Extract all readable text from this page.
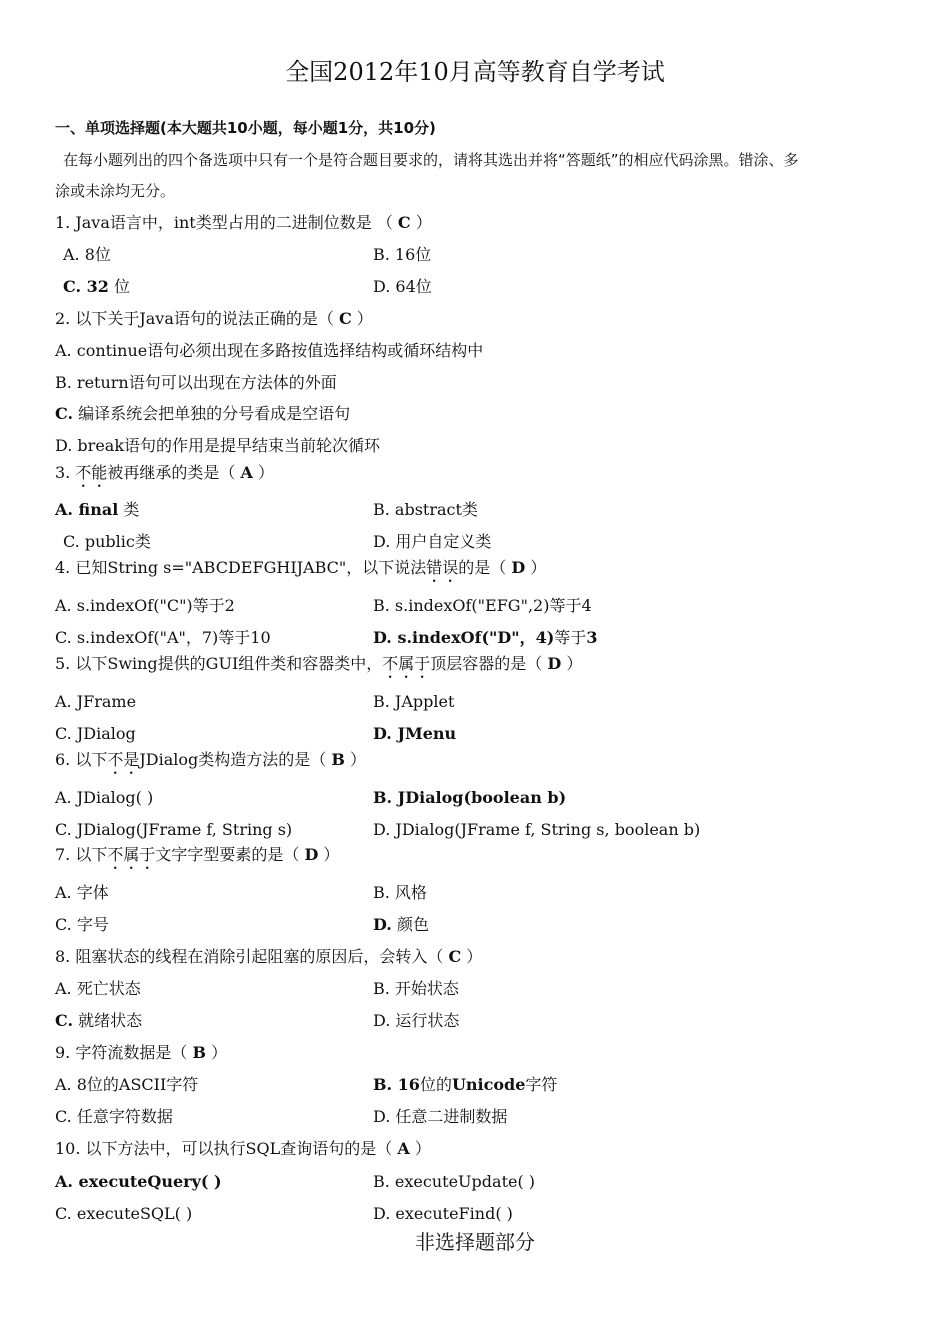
全国2012年10月高等教育自学考试
一、单项选择题(本大题共10小题，每小题1分，共10分)
在每小题列出的四个备选项中只有一个是符合题目要求的，请将其选出并将“答题纸”的相应代码涂黑。错涂、多
涂或未涂均无分。
1. Java语言中，int类型占用的二进制位数是 （ C ）
A. 8位	B. 16位
C. 32 位	D. 64位
2. 以下关于Java语句的说法正确的是（ C ）
A. continue语句必须出现在多路按值选择结构或循环结构中
B. return语句可以出现在方法体的外面
C. 编译系统会把单独的分号看成是空语句
D. break语句的作用是提早结束当前轮次循环
3. 不能被再继承的类是（ A ）
A. final 类	B. abstract类
C. public类	D. 用户自定义类
4. 已知String s="ABCDEFGHIJABC"，以下说法错误的是（ D ）
A. s.indexOf("C")等于2	B. s.indexOf("EFG",2)等于4
C. s.indexOf("A"，7)等于10	D. s.indexOf("D"，4)等于3
5. 以下Swing提供的GUI组件类和容器类中，不属于顶层容器的是（ D ）
A. JFrame	B. JApplet
C. JDialog	D. JMenu
6. 以下不是JDialog类构造方法的是（ B ）
A. JDialog( )	B. JDialog(boolean b)
C. JDialog(JFrame f, String s)	D. JDialog(JFrame f, String s, boolean b)
7. 以下不属于文字字型要素的是（ D ）
A. 字体	B. 风格
C. 字号	D. 颜色
8. 阻塞状态的线程在消除引起阻塞的原因后，会转入（ C ）
A. 死亡状态	B. 开始状态
C. 就绪状态	D. 运行状态
9. 字符流数据是（ B ）
A. 8位的ASCII字符	B. 16位的Unicode字符
C. 任意字符数据	D. 任意二进制数据
10. 以下方法中，可以执行SQL查询语句的是（ A ）
A. executeQuery( )	B. executeUpdate( )
C. executeSQL( )	D. executeFind( )
非选择题部分
